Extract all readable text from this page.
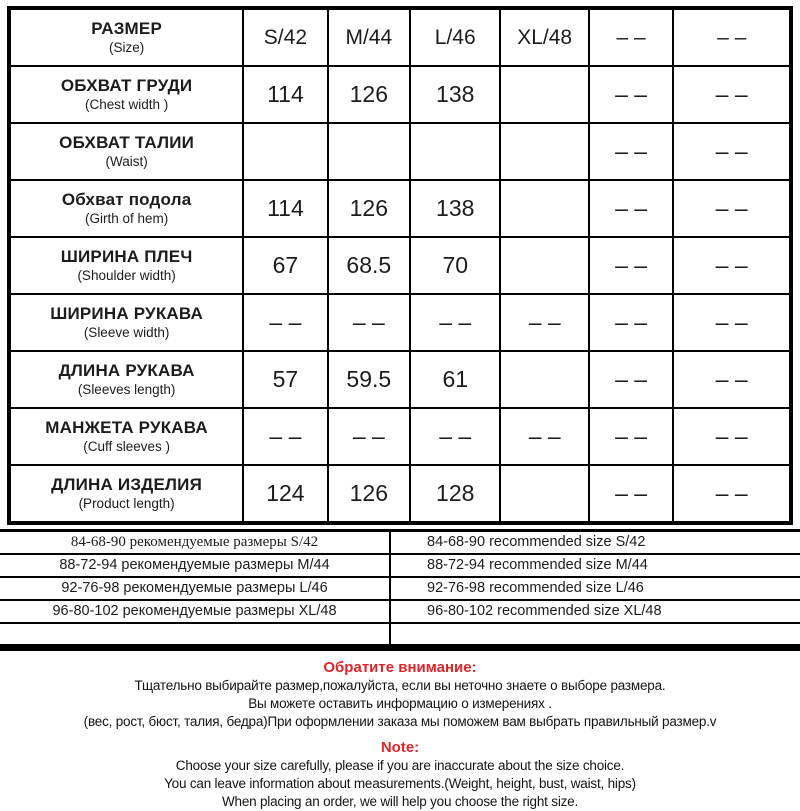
РАЗМЕР
(Size)	S/42	M/44	L/46	XL/48	– –	– –

ОБХВАТ ГРУДИ
(Chest width )	114	126	138		– –	– –

ОБХВАТ ТАЛИИ
(Waist)					– –	– –

Обхват подола
(Girth of hem)	114	126	138		– –	– –

ШИРИНА ПЛЕЧ
(Shoulder width)	67	68.5	70		– –	– –

ШИРИНА РУКАВА
(Sleeve width)	– –	– –	– –	– –	– –	– –

ДЛИНА РУКАВА
(Sleeves length)	57	59.5	61		– –	– –

МАНЖЕТА РУКАВА
(Cuff sleeves )	– –	– –	– –	– –	– –	– –

ДЛИНА ИЗДЕЛИЯ
(Product length)	124	126	128		– –	– –
84-68-90 рекомендуемые размеры S/42	84-68-90 recommended size S/42
88-72-94 рекомендуемые размеры M/44	88-72-94 recommended size M/44
92-76-98 рекомендуемые размеры L/46	92-76-98 recommended size L/46
96-80-102 рекомендуемые размеры XL/48	96-80-102 recommended size XL/48
Обратите внимание:
Тщательно выбирайте размер,пожалуйста, если вы неточно знаете о выборе размера.
Вы можете оставить информацию о измерениях .
(вес, рост, бюст, талия, бедра)При оформлении заказа мы поможем вам выбрать правильный размер.v
Note:
Choose your size carefully, please if you are inaccurate about the size choice.
You can leave information about measurements.(Weight, height, bust, waist, hips)
When placing an order, we will help you choose the right size.
